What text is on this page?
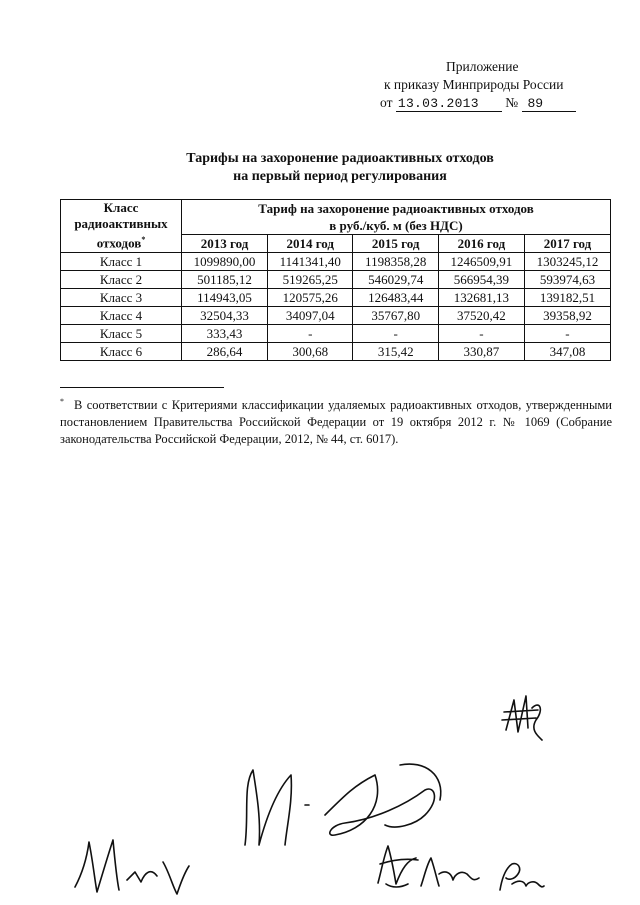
Приложение
к приказу Минприроды России
от 13.03.2013 № 89
Тарифы на захоронение радиоактивных отходов
на первый период регулирования
Класс
радиоактивных
отходов*	Тариф на захоронение радиоактивных отходов				
	в руб./куб. м (без НДС)				
	2013 год	2014 год	2015 год	2016 год	2017 год
Класс 1	1099890,00	1141341,40	1198358,28	1246509,91	1303245,12
Класс 2	501185,12	519265,25	546029,74	566954,39	593974,63
Класс 3	114943,05	120575,26	126483,44	132681,13	139182,51
Класс 4	32504,33	34097,04	35767,80	37520,42	39358,92
Класс 5	333,43	-	-	-	-
Класс 6	286,64	300,68	315,42	330,87	347,08
* В соответствии с Критериями классификации удаляемых радиоактивных отходов, утвержденными постановлением Правительства Российской Федерации от 19 октября 2012 г. № 1069 (Собрание законодательства Российской Федерации, 2012, № 44, ст. 6017).
